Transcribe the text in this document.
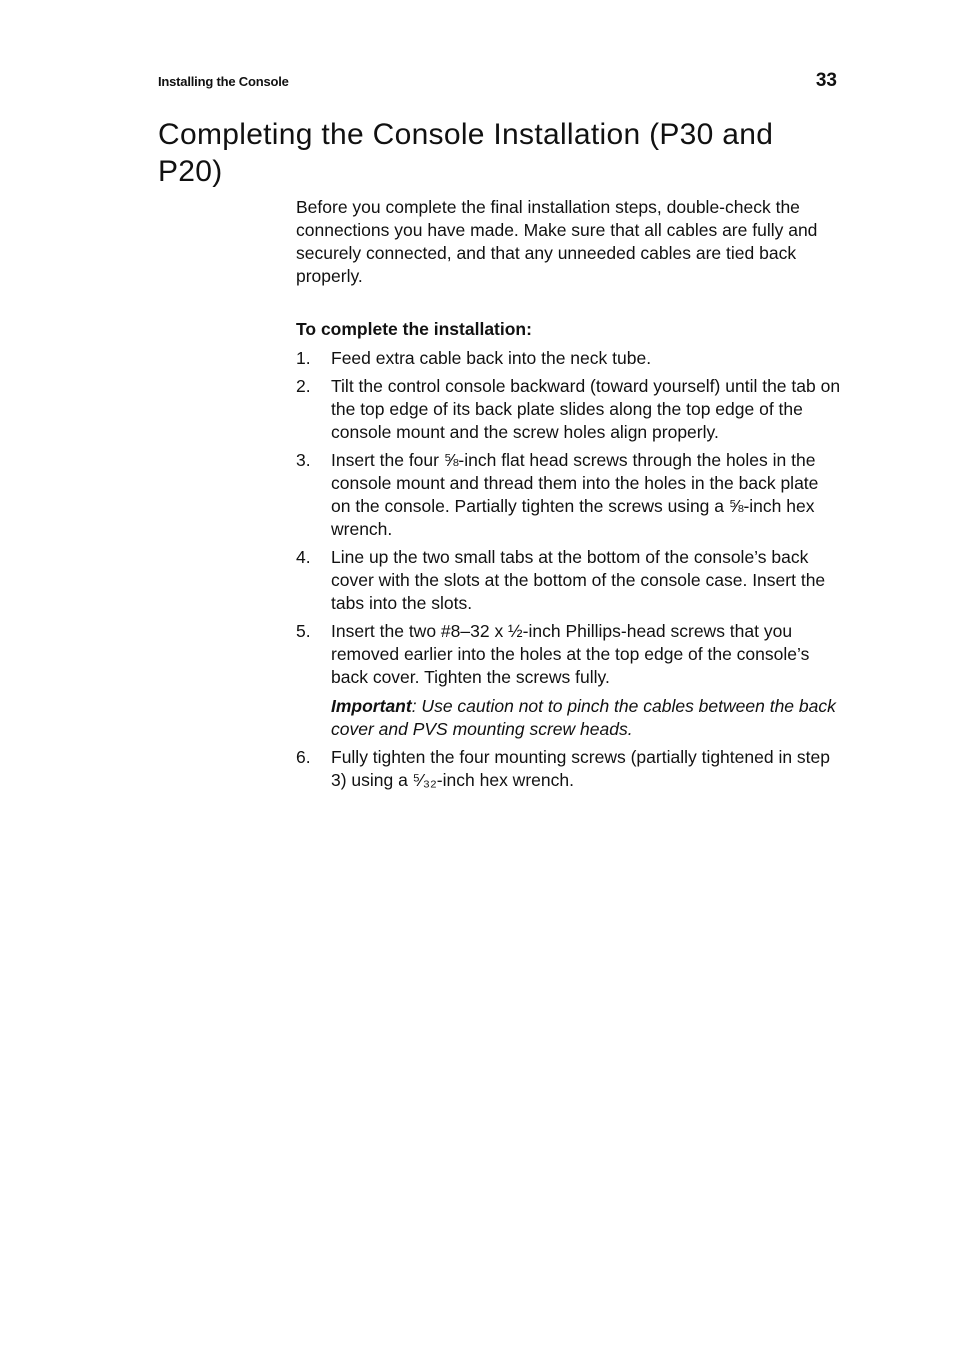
Installing the Console	33
Completing the Console Installation (P30 and P20)

Before you complete the final installation steps, double-check the connections you have made. Make sure that all cables are fully and securely connected, and that any unneeded cables are tied back properly.

To complete the installation:
1. Feed extra cable back into the neck tube.
2. Tilt the control console backward (toward yourself) until the tab on the top edge of its back plate slides along the top edge of the console mount and the screw holes align properly.
3. Insert the four ⅝-inch flat head screws through the holes in the console mount and thread them into the holes in the back plate on the console. Partially tighten the screws using a ⅝-inch hex wrench.
4. Line up the two small tabs at the bottom of the console’s back cover with the slots at the bottom of the console case. Insert the tabs into the slots.
5. Insert the two #8–32 x ½-inch Phillips-head screws that you removed earlier into the holes at the top edge of the console’s back cover. Tighten the screws fully.
Important: Use caution not to pinch the cables between the back cover and PVS mounting screw heads.
6. Fully tighten the four mounting screws (partially tightened in step 3) using a ⁵⁄₃₂-inch hex wrench.
